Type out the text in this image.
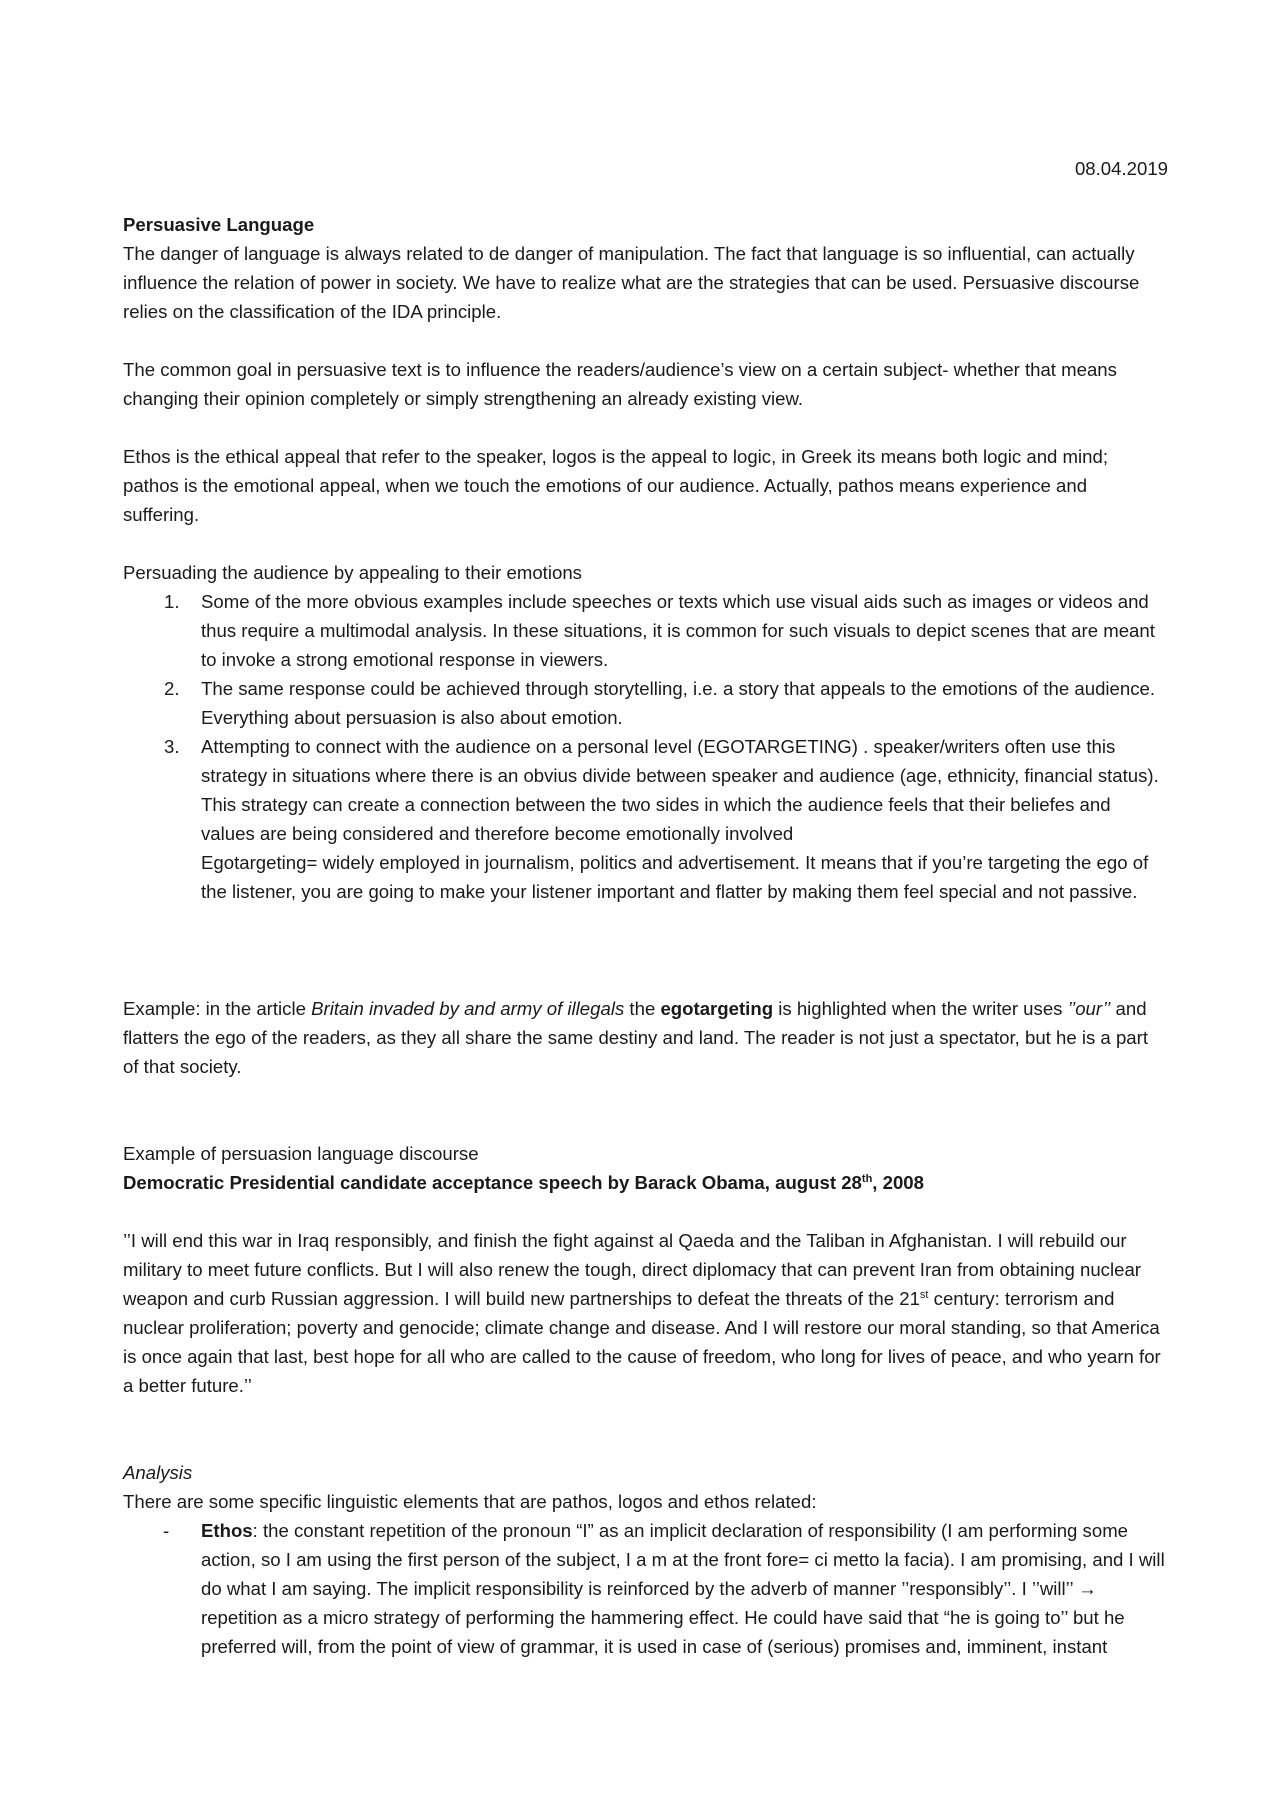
08.04.2019

Persuasive Language

The danger of language is always related to de danger of manipulation. The fact that language is so influential, can actually influence the relation of power in society. We have to realize what are the strategies that can be used. Persuasive discourse relies on the classification of the IDA principle.

The common goal in persuasive text is to influence the readers/audience’s view on a certain subject- whether that means changing their opinion completely or simply strengthening an already existing view.

Ethos is the ethical appeal that refer to the speaker, logos is the appeal to logic, in Greek its means both logic and mind; pathos is the emotional appeal, when we touch the emotions of our audience. Actually, pathos means experience and suffering.

Persuading the audience by appealing to their emotions

1. Some of the more obvious examples include speeches or texts which use visual aids such as images or videos and thus require a multimodal analysis. In these situations, it is common for such visuals to depict scenes that are meant to invoke a strong emotional response in viewers.
2. The same response could be achieved through storytelling, i.e. a story that appeals to the emotions of the audience. Everything about persuasion is also about emotion.
3. Attempting to connect with the audience on a personal level (EGOTARGETING) . speaker/writers often use this strategy in situations where there is an obvius divide between speaker and audience (age, ethnicity, financial status). This strategy can create a connection between the two sides in which the audience feels that their beliefes and values are being considered and therefore become emotionally involved

Egotargeting= widely employed in journalism, politics and advertisement. It means that if you’re targeting the ego of the listener, you are going to make your listener important and flatter by making them feel special and not passive.

Example: in the article Britain invaded by and army of illegals the egotargeting is highlighted when the writer uses ’’our’’ and flatters the ego of the readers, as they all share the same destiny and land. The reader is not just a spectator, but he is a part of that society.

Example of persuasion language discourse

Democratic Presidential candidate acceptance speech by Barack Obama, august 28th, 2008

’’I will end this war in Iraq responsibly, and finish the fight against al Qaeda and the Taliban in Afghanistan. I will rebuild our military to meet future conflicts. But I will also renew the tough, direct diplomacy that can prevent Iran from obtaining nuclear weapon and curb Russian aggression. I will build new partnerships to defeat the threats of the 21st century: terrorism and nuclear proliferation; poverty and genocide; climate change and disease. And I will restore our moral standing, so that America is once again that last, best hope for all who are called to the cause of freedom, who long for lives of peace, and who yearn for a better future.’’

Analysis

There are some specific linguistic elements that are pathos, logos and ethos related:

- Ethos: the constant repetition of the pronoun “I” as an implicit declaration of responsibility (I am performing some action, so I am using the first person of the subject, I a m at the front fore= ci metto la facia). I am promising, and I will do what I am saying. The implicit responsibility is reinforced by the adverb of manner ’’responsibly’’. I ’’will’’ → repetition as a micro strategy of performing the hammering effect. He could have said that “he is going to’’ but he preferred will, from the point of view of grammar, it is used in case of (serious) promises and, imminent, instant
